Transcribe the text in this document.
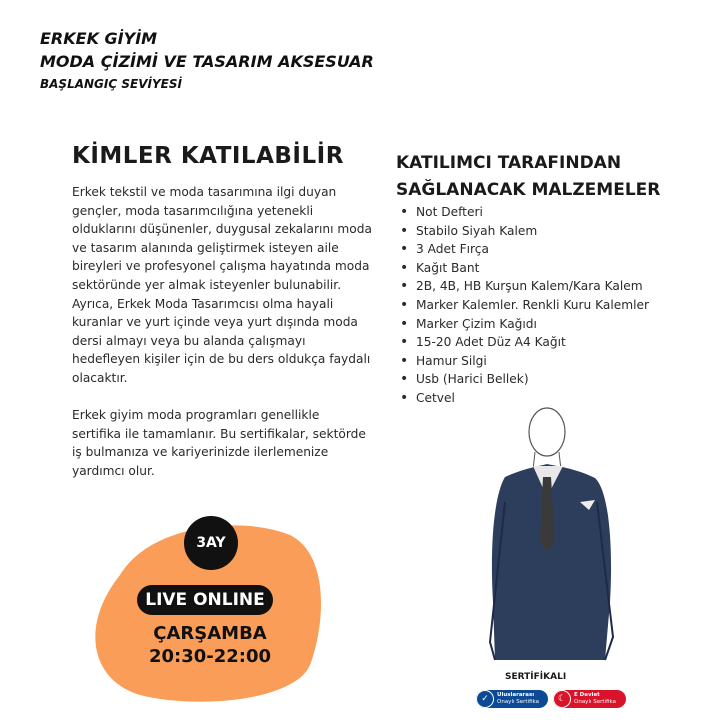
ERKEK GİYİM
MODA ÇİZİMİ VE TASARIM AKSESUAR
BAŞLANGIÇ SEVİYESİ
KİMLER KATILABİLİR

Erkek tekstil ve moda tasarımına ilgi duyan gençler, moda tasarımcılığına yetenekli olduklarını düşünenler, duygusal zekalarını moda ve tasarım alanında geliştirmek isteyen aile bireyleri ve profesyonel çalışma hayatında moda sektöründe yer almak isteyenler bulunabilir.

Ayrıca, Erkek Moda Tasarımcısı olma hayali kuranlar ve yurt içinde veya yurt dışında moda dersi almayı veya bu alanda çalışmayı hedefleyen kişiler için de bu ders oldukça faydalı olacaktır.

Erkek giyim moda programları genellikle sertifika ile tamamlanır. Bu sertifikalar, sektörde iş bulmanıza ve kariyerinizde ilerlemenize yardımcı olur.

KATILIMCI TARAFINDAN
SAĞLANACAK MALZEMELER
• Not Defteri
• Stabilo Siyah Kalem
• 3 Adet Fırça
• Kağıt Bant
• 2B, 4B, HB Kurşun Kalem/Kara Kalem
• Marker Kalemler. Renkli Kuru Kalemler
• Marker Çizim Kağıdı
• 15-20 Adet Düz A4 Kağıt
• Hamur Silgi
• Usb (Harici Bellek)
• Cetvel
3AY
LIVE ONLINE
ÇARŞAMBA
20:30-22:00
SERTİFİKALI
✓	Uluslararası
Onaylı Sertifika	☾	E Devlet
Onaylı Sertifika
